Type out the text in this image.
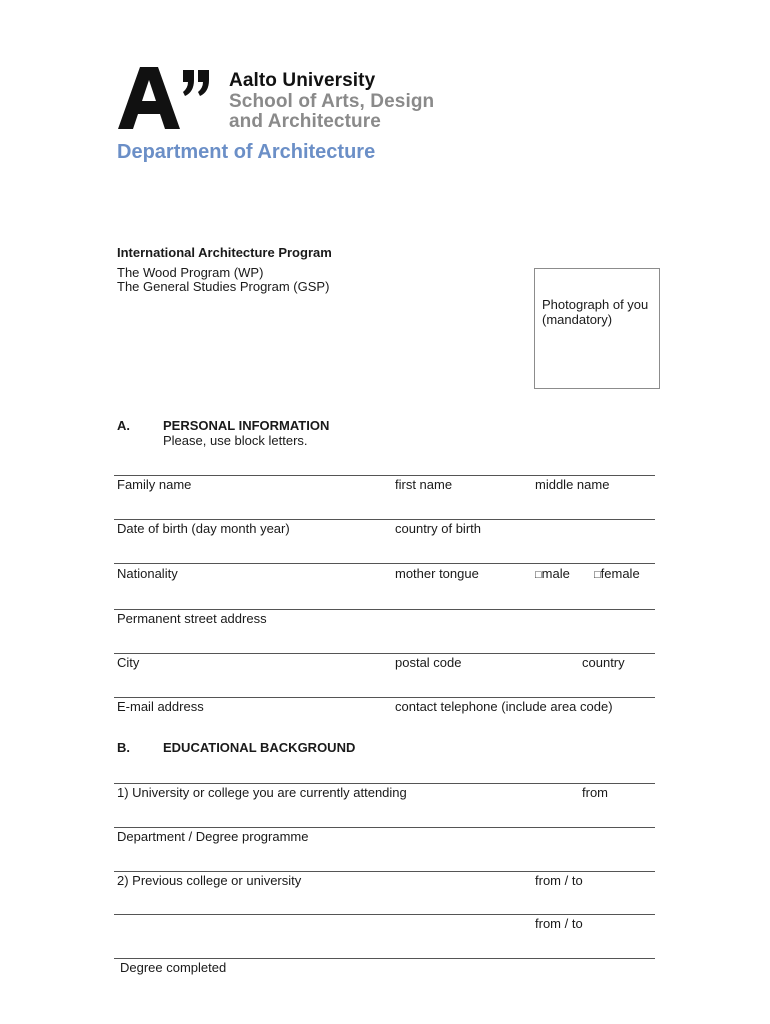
Aalto University
School of Arts, Design
and Architecture
Department of Architecture
International Architecture Program
The Wood Program (WP)
The General Studies Program (GSP)
Photograph of you
(mandatory)
A.	PERSONAL INFORMATION
Please, use block letters.
Family name	first name	middle name
Date of birth (day month year)	country of birth
Nationality	mother tongue	□male □female
Permanent street address
City	postal code	country
E-mail address	contact telephone (include area code)
B.	EDUCATIONAL BACKGROUND
1) University or college you are currently attending	from
Department / Degree programme
2) Previous college or university	from / to
from / to
Degree completed
